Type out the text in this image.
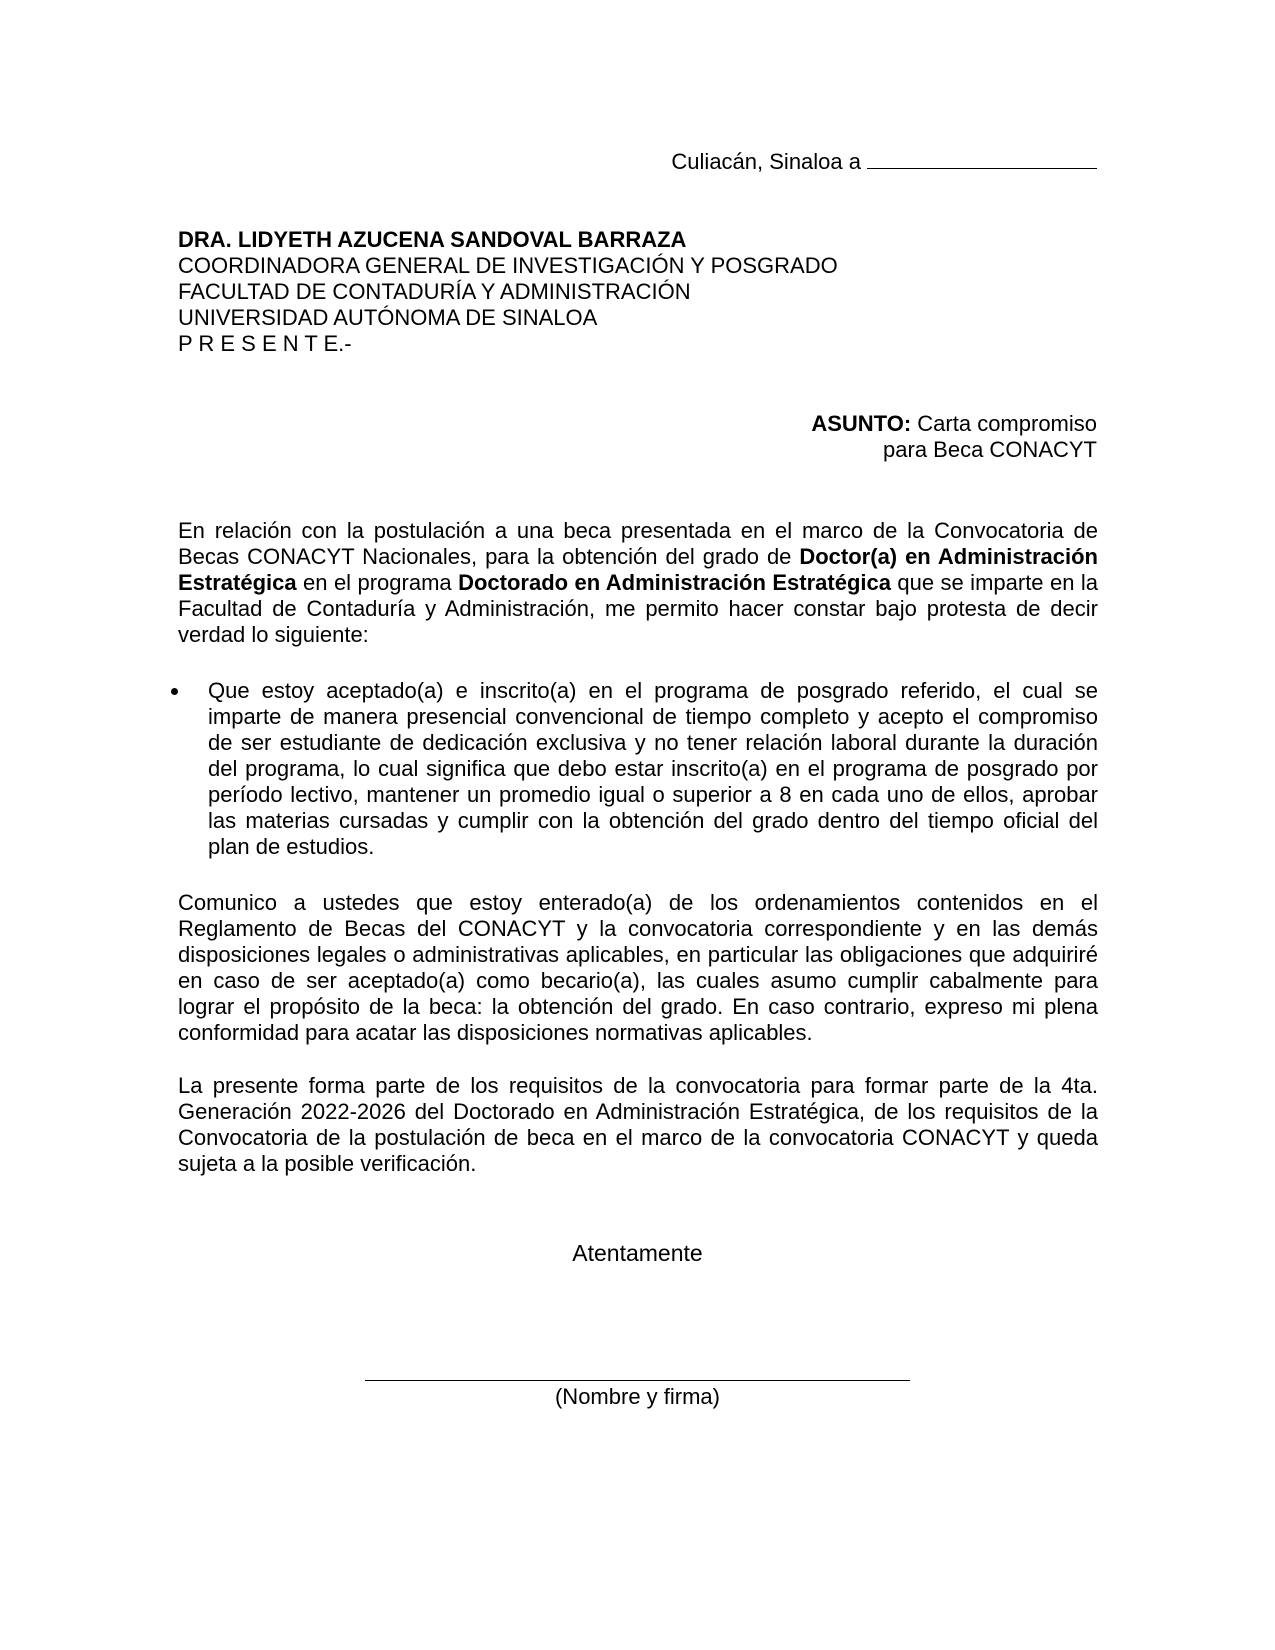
Culiacán, Sinaloa a
DRA. LIDYETH AZUCENA SANDOVAL BARRAZA
COORDINADORA GENERAL DE INVESTIGACIÓN Y POSGRADO
FACULTAD DE CONTADURÍA Y ADMINISTRACIÓN
UNIVERSIDAD AUTÓNOMA DE SINALOA
P R E S E N T E.-
ASUNTO: Carta compromiso
para Beca CONACYT
En relación con la postulación a una beca presentada en el marco de la Convocatoria de Becas CONACYT Nacionales, para la obtención del grado de Doctor(a) en Administración Estratégica en el programa Doctorado en Administración Estratégica que se imparte en la Facultad de Contaduría y Administración, me permito hacer constar bajo protesta de decir verdad lo siguiente:
Que estoy aceptado(a) e inscrito(a) en el programa de posgrado referido, el cual se imparte de manera presencial convencional de tiempo completo y acepto el compromiso de ser estudiante de dedicación exclusiva y no tener relación laboral durante la duración del programa, lo cual significa que debo estar inscrito(a) en el programa de posgrado por período lectivo, mantener un promedio igual o superior a 8 en cada uno de ellos, aprobar las materias cursadas y cumplir con la obtención del grado dentro del tiempo oficial del plan de estudios.
Comunico a ustedes que estoy enterado(a) de los ordenamientos contenidos en el Reglamento de Becas del CONACYT y la convocatoria correspondiente y en las demás disposiciones legales o administrativas aplicables, en particular las obligaciones que adquiriré en caso de ser aceptado(a) como becario(a), las cuales asumo cumplir cabalmente para lograr el propósito de la beca: la obtención del grado. En caso contrario, expreso mi plena conformidad para acatar las disposiciones normativas aplicables.
La presente forma parte de los requisitos de la convocatoria para formar parte de la 4ta. Generación 2022-2026 del Doctorado en Administración Estratégica, de los requisitos de la Convocatoria de la postulación de beca en el marco de la convocatoria CONACYT y queda sujeta a la posible verificación.
Atentamente
(Nombre y firma)
